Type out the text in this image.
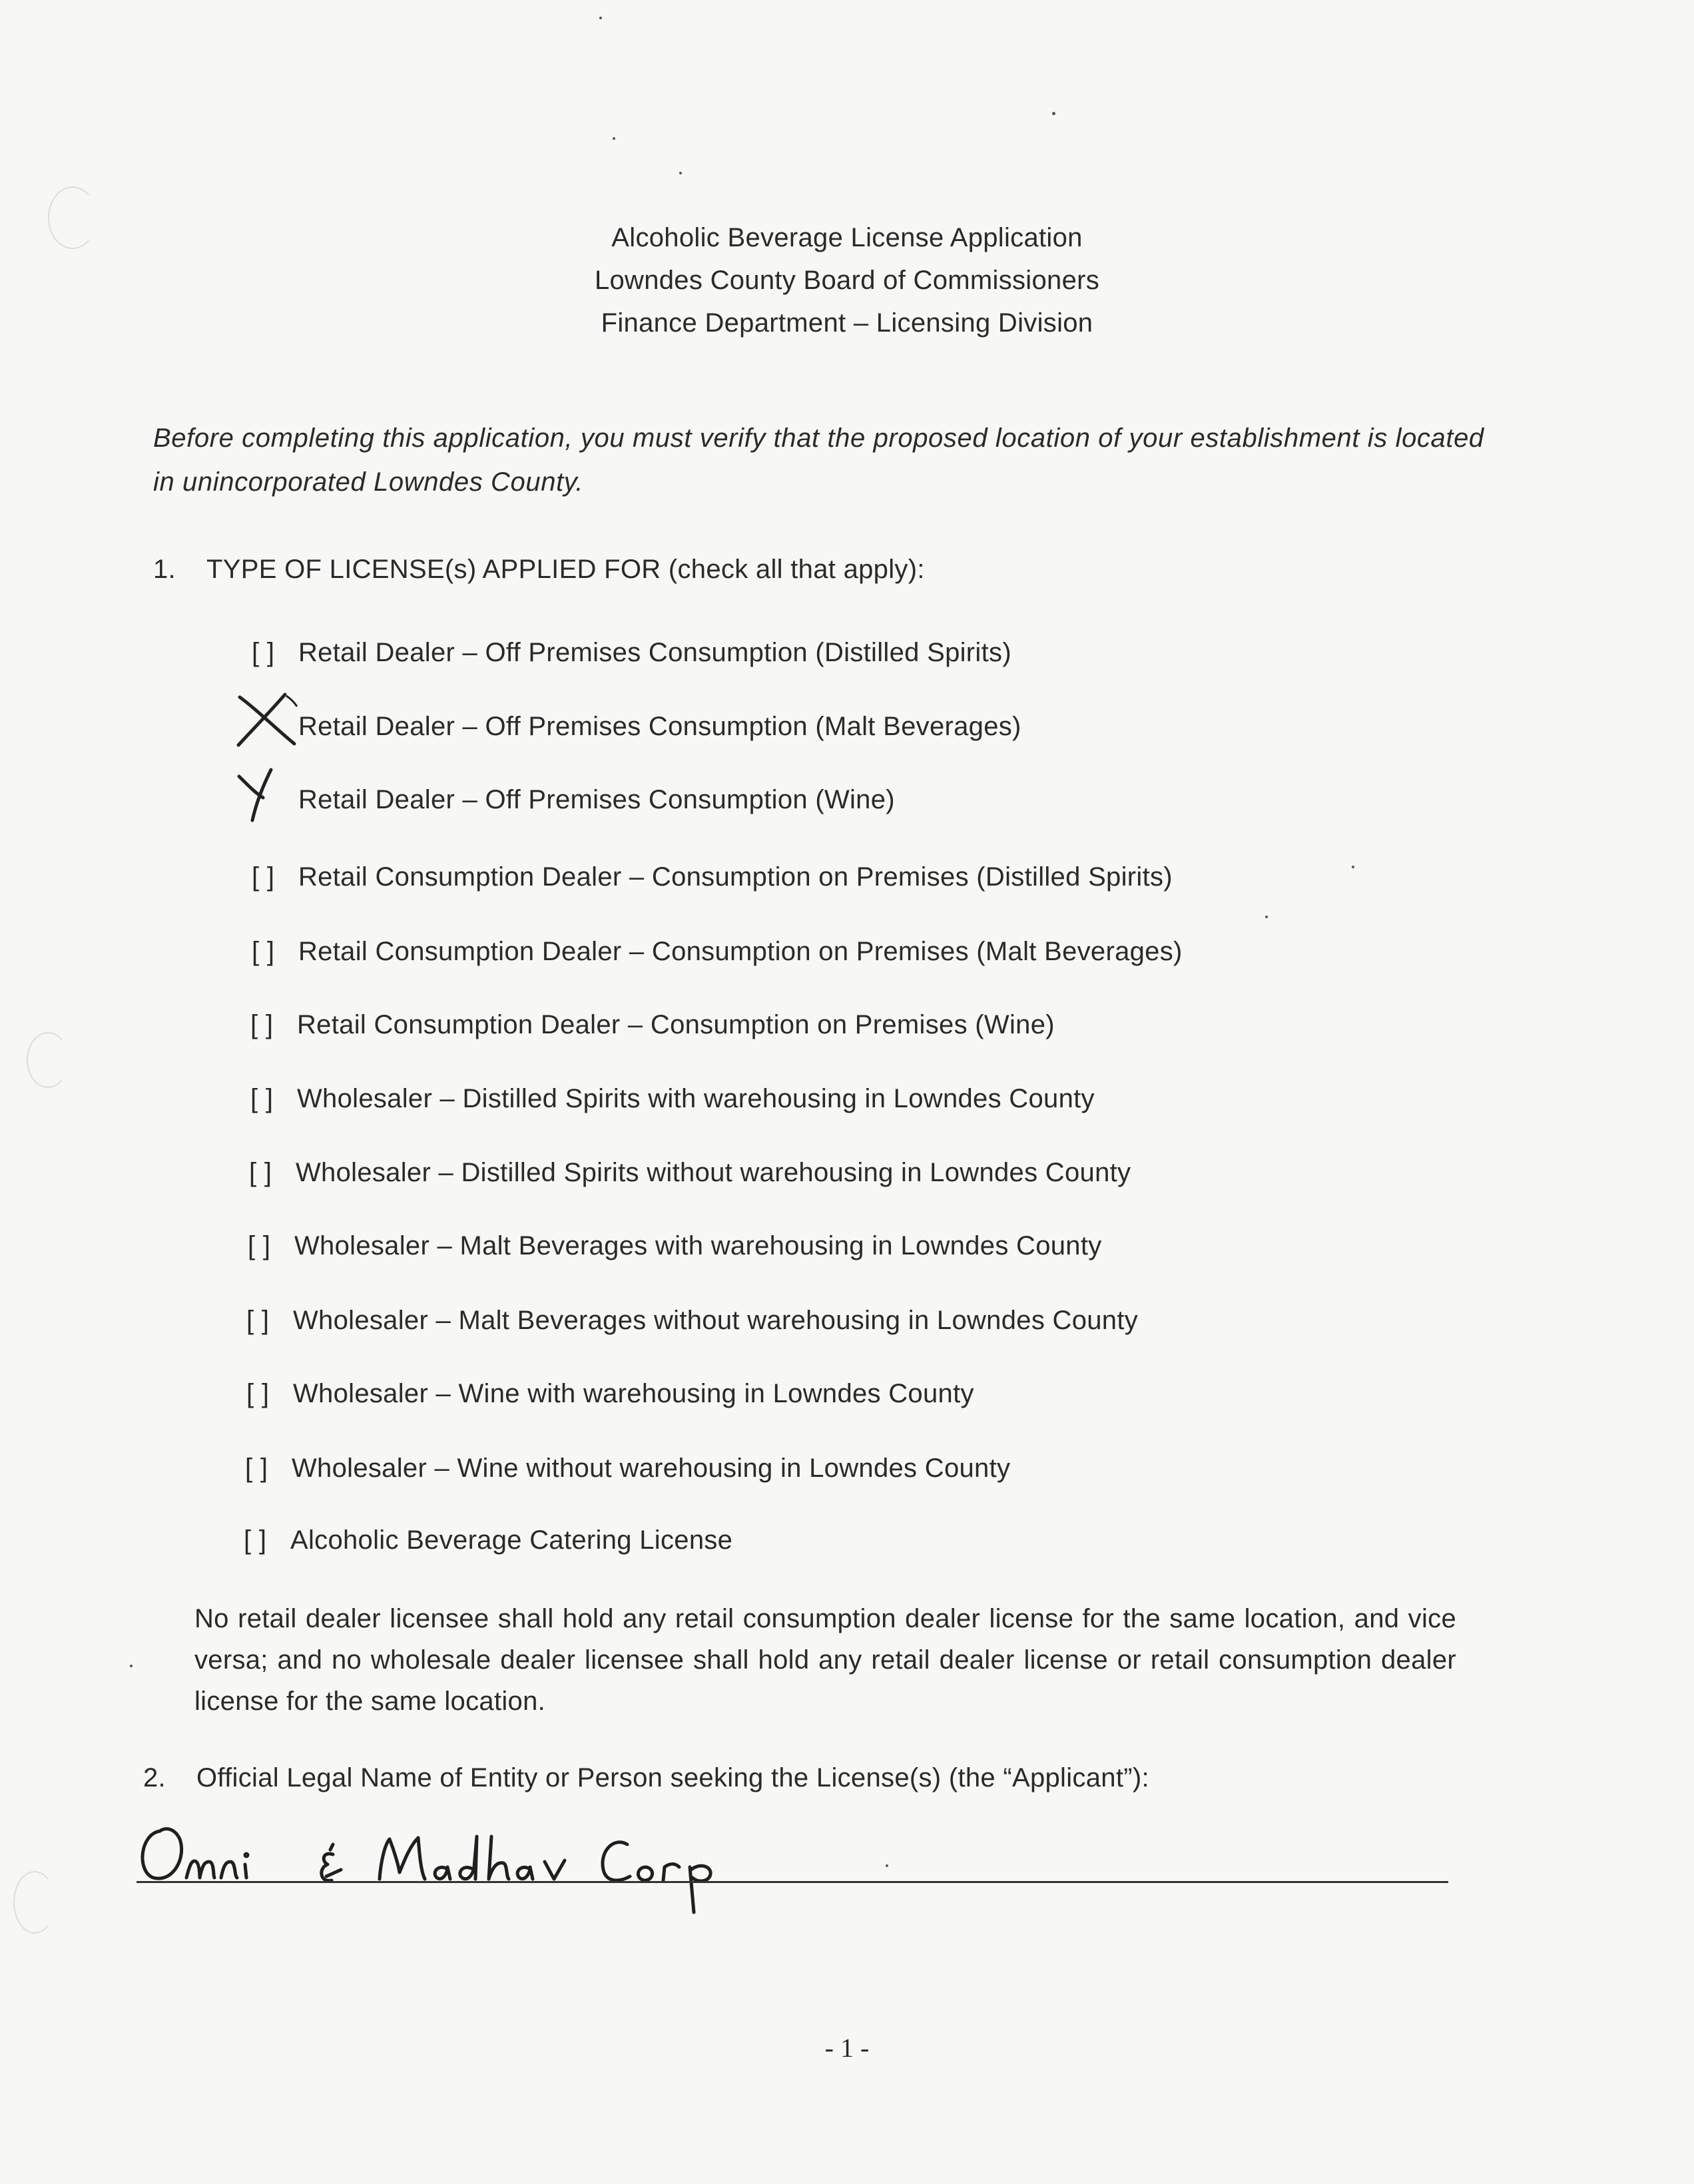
Alcoholic Beverage License Application
Lowndes County Board of Commissioners
Finance Department – Licensing Division
Before completing this application, you must verify that the proposed location of your establishment is located in unincorporated Lowndes County.
1. TYPE OF LICENSE(s) APPLIED FOR (check all that apply):
[ ] Retail Dealer – Off Premises Consumption (Distilled Spirits)
Retail Dealer – Off Premises Consumption (Malt Beverages)
Retail Dealer – Off Premises Consumption (Wine)
[ ] Retail Consumption Dealer – Consumption on Premises (Distilled Spirits)
[ ] Retail Consumption Dealer – Consumption on Premises (Malt Beverages)
[ ] Retail Consumption Dealer – Consumption on Premises (Wine)
[ ] Wholesaler – Distilled Spirits with warehousing in Lowndes County
[ ] Wholesaler – Distilled Spirits without warehousing in Lowndes County
[ ] Wholesaler – Malt Beverages with warehousing in Lowndes County
[ ] Wholesaler – Malt Beverages without warehousing in Lowndes County
[ ] Wholesaler – Wine with warehousing in Lowndes County
[ ] Wholesaler – Wine without warehousing in Lowndes County
[ ] Alcoholic Beverage Catering License
No retail dealer licensee shall hold any retail consumption dealer license for the same location, and vice versa; and no wholesale dealer licensee shall hold any retail dealer license or retail consumption dealer license for the same location.
2. Official Legal Name of Entity or Person seeking the License(s) (the “Applicant”):
- 1 -
